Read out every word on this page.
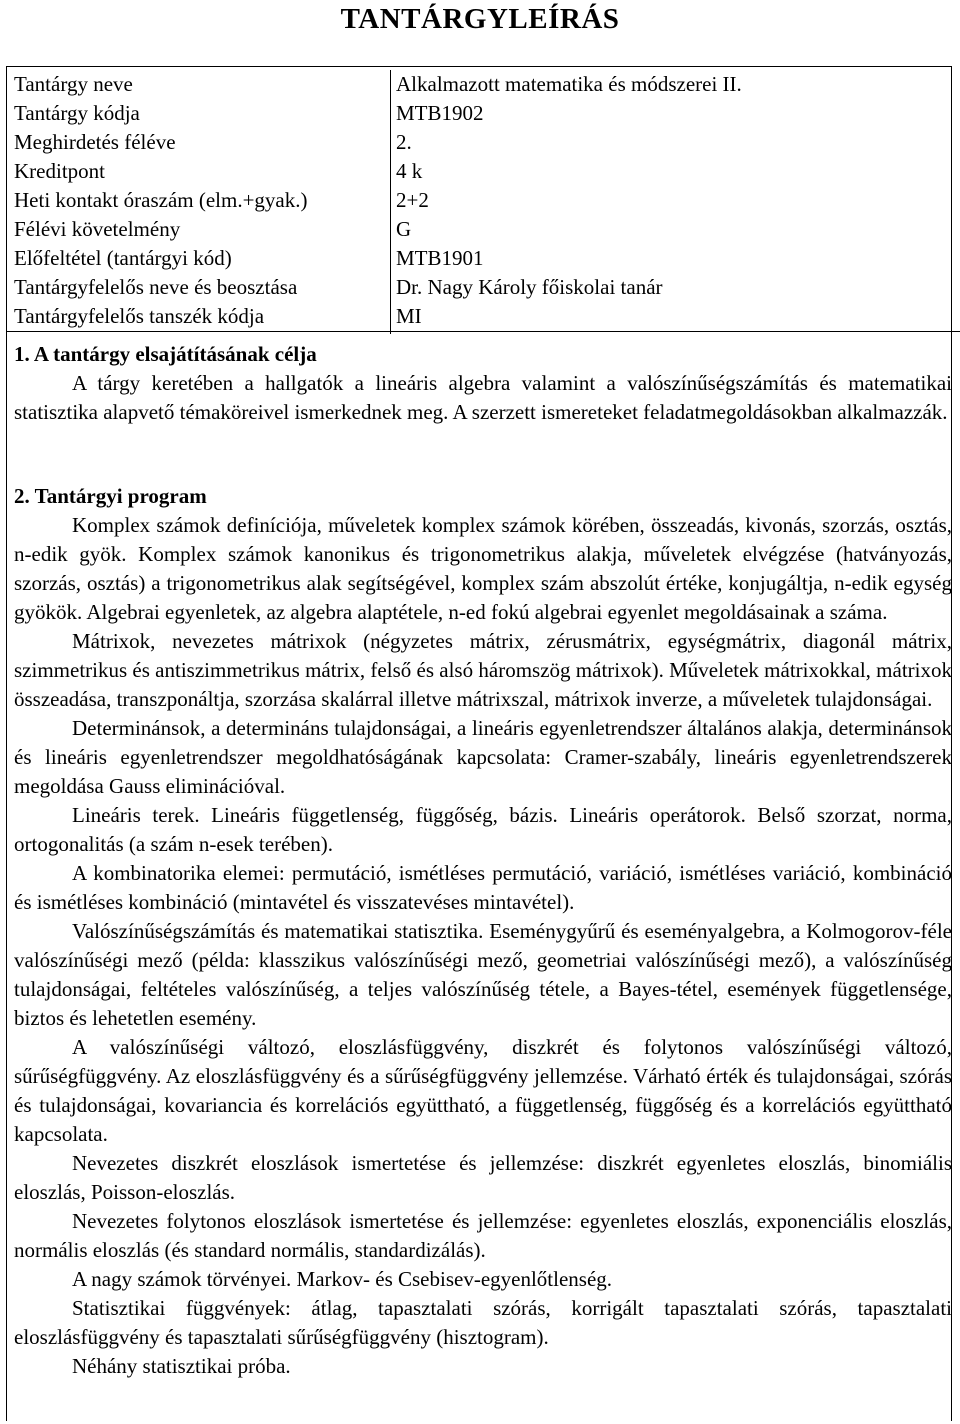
TANTÁRGYLEÍRÁS
Tantárgy neve	Alkalmazott matematika és módszerei II.
Tantárgy kódja	MTB1902
Meghirdetés féléve	2.
Kreditpont	4 k
Heti kontakt óraszám (elm.+gyak.)	2+2
Félévi követelmény	G
Előfeltétel (tantárgyi kód)	MTB1901
Tantárgyfelelős neve és beosztása	Dr. Nagy Károly főiskolai tanár
Tantárgyfelelős tanszék kódja	MI
1. A tantárgy elsajátításának célja

A tárgy keretében a hallgatók a lineáris algebra valamint a valószínűségszámítás és matematikai statisztika alapvető témaköreivel ismerkednek meg. A szerzett ismereteket feladatmegoldásokban alkalmazzák.

2. Tantárgyi program

Komplex számok definíciója, műveletek komplex számok körében, összeadás, kivonás, szorzás, osztás, n-edik gyök. Komplex számok kanonikus és trigonometrikus alakja, műveletek elvégzése (hatványozás, szorzás, osztás) a trigonometrikus alak segítségével, komplex szám abszolút értéke, konjugáltja, n-edik egység gyökök. Algebrai egyenletek, az algebra alaptétele, n-ed fokú algebrai egyenlet megoldásainak a száma.

Mátrixok, nevezetes mátrixok (négyzetes mátrix, zérusmátrix, egységmátrix, diagonál mátrix, szimmetrikus és antiszimmetrikus mátrix, felső és alsó háromszög mátrixok). Műveletek mátrixokkal, mátrixok összeadása, transzponáltja, szorzása skalárral illetve mátrixszal, mátrixok inverze, a műveletek tulajdonságai.

Determinánsok, a determináns tulajdonságai, a lineáris egyenletrendszer általános alakja, determinánsok és lineáris egyenletrendszer megoldhatóságának kapcsolata: Cramer-szabály, lineáris egyenletrendszerek megoldása Gauss eliminációval.

Lineáris terek. Lineáris függetlenség, függőség, bázis. Lineáris operátorok. Belső szorzat, norma, ortogonalitás (a szám n-esek terében).

A kombinatorika elemei: permutáció, ismétléses permutáció, variáció, ismétléses variáció, kombináció és ismétléses kombináció (mintavétel és visszatevéses mintavétel).

Valószínűségszámítás és matematikai statisztika. Eseménygyűrű és eseményalgebra, a Kolmogorov-féle valószínűségi mező (példa: klasszikus valószínűségi mező, geometriai valószínűségi mező), a valószínűség tulajdonságai, feltételes valószínűség, a teljes valószínűség tétele, a Bayes-tétel, események függetlensége, biztos és lehetetlen esemény.

A valószínűségi változó, eloszlásfüggvény, diszkrét és folytonos valószínűségi változó, sűrűségfüggvény. Az eloszlásfüggvény és a sűrűségfüggvény jellemzése. Várható érték és tulajdonságai, szórás és tulajdonságai, kovariancia és korrelációs együttható, a függetlenség, függőség és a korrelációs együttható kapcsolata.

Nevezetes diszkrét eloszlások ismertetése és jellemzése: diszkrét egyenletes eloszlás, binomiális eloszlás, Poisson-eloszlás.

Nevezetes folytonos eloszlások ismertetése és jellemzése: egyenletes eloszlás, exponenciális eloszlás, normális eloszlás (és standard normális, standardizálás).

A nagy számok törvényei. Markov- és Csebisev-egyenlőtlenség.

Statisztikai függvények: átlag, tapasztalati szórás, korrigált tapasztalati szórás, tapasztalati eloszlásfüggvény és tapasztalati sűrűségfüggvény (hisztogram).

Néhány statisztikai próba.
